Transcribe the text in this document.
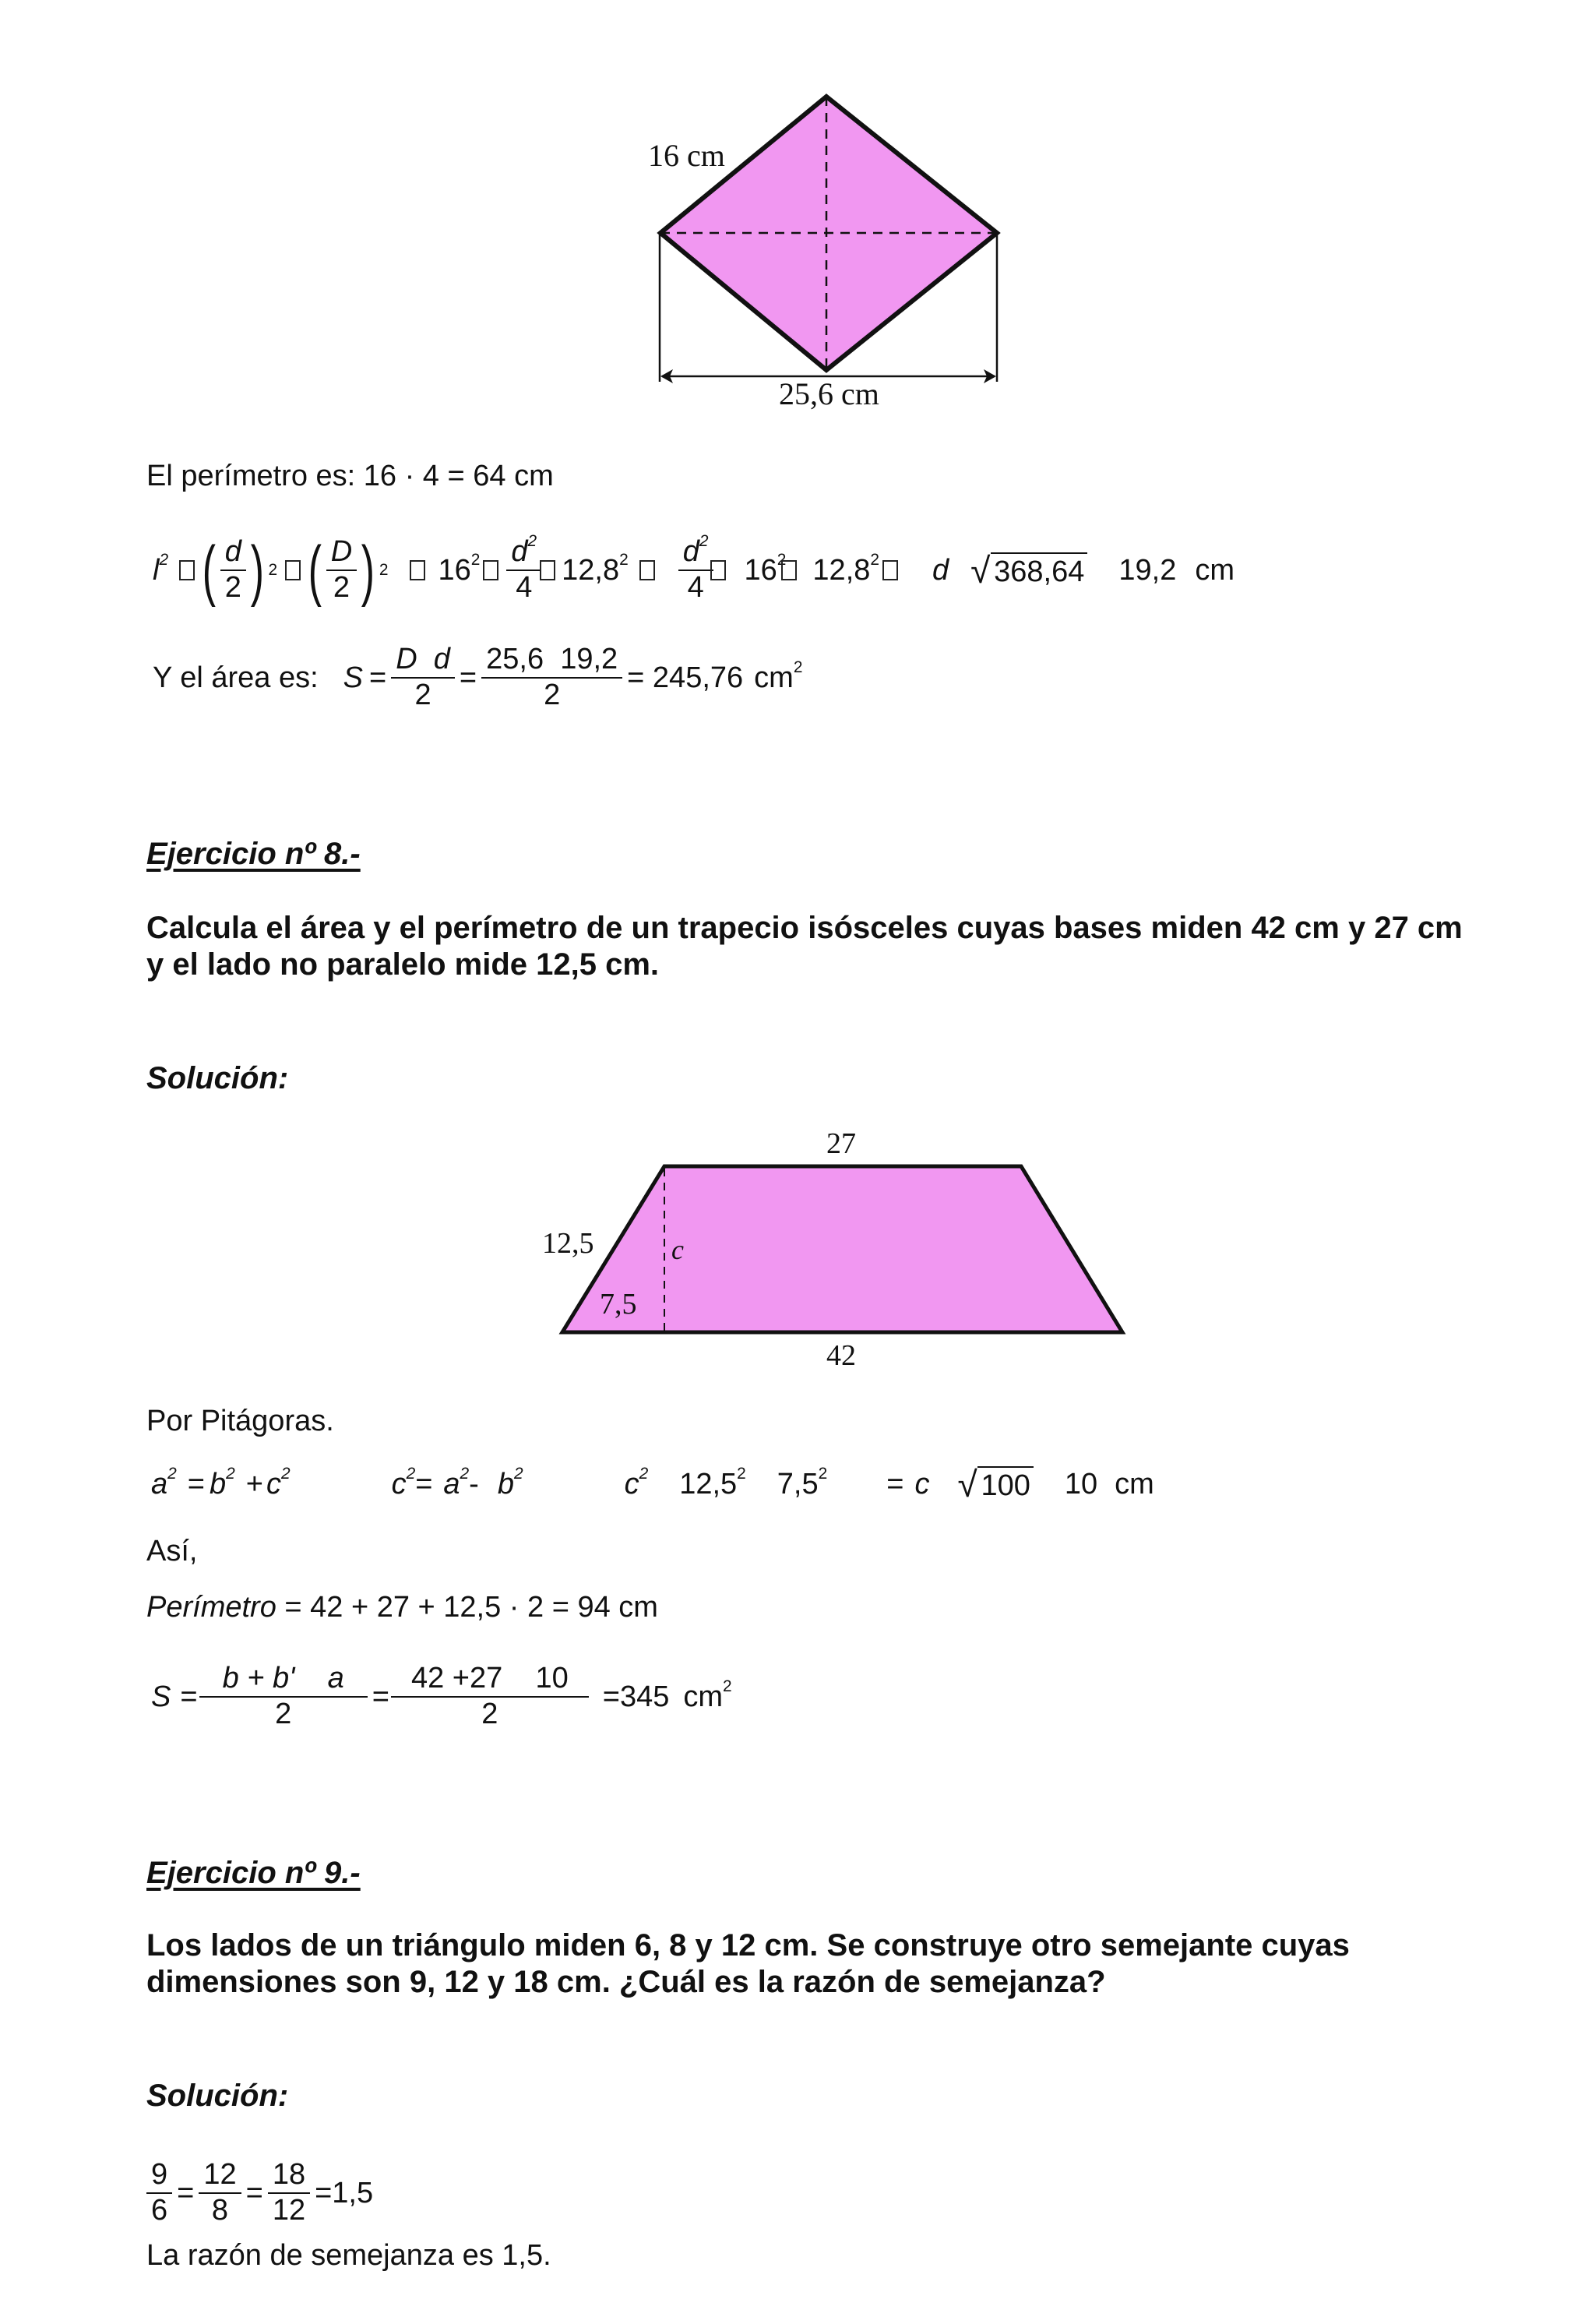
16 cm
25,6 cm
El perímetro es: 16 · 4 = 64 cm
$l^2$ ( $\frac{d}{2}$ ) 2 ( $\frac{D}{2}$ ) 2 $16^2 \frac{d^2}{4} 12,8^2 \frac{d^2}{4} 16^2$ 12,8$^2$ d √ 368,64 19,2 cm
Y el área es: $S = \frac{\text{D  d}}{2} = \frac{25,6 19,2}{2} = 245,76$ $cm^2$
Ejercicio nº 8.-
Calcula el área y el perímetro de un trapecio isósceles cuyas bases miden 42 cm y 27 cm
y el lado no paralelo mide 12,5 cm.
Solución:
27
12,5	c
7,5
42
Por Pitágoras.
$a^2 = b^2 + c^2$	$c^2 = a^2 - b^2$	$c^2$ 12,5$^2$ $7,5^2 = c$ √ 100 10 cm
Así,
Perímetro = 42 + 27 + 12,5 · 2 = 94 cm
$S = \frac{b + b' a}{2} = \frac{42 +27 10}{2} =345$ $cm^2$
Ejercicio nº 9.-
Los lados de un triángulo miden 6, 8 y 12 cm. Se construye otro semejante cuyas
dimensiones son 9, 12 y 18 cm. ¿Cuál es la razón de semejanza?
Solución:
$\frac{9}{6} = \frac{12}{8} = \frac{18}{12} =1,5$
La razón de semejanza es 1,5.
